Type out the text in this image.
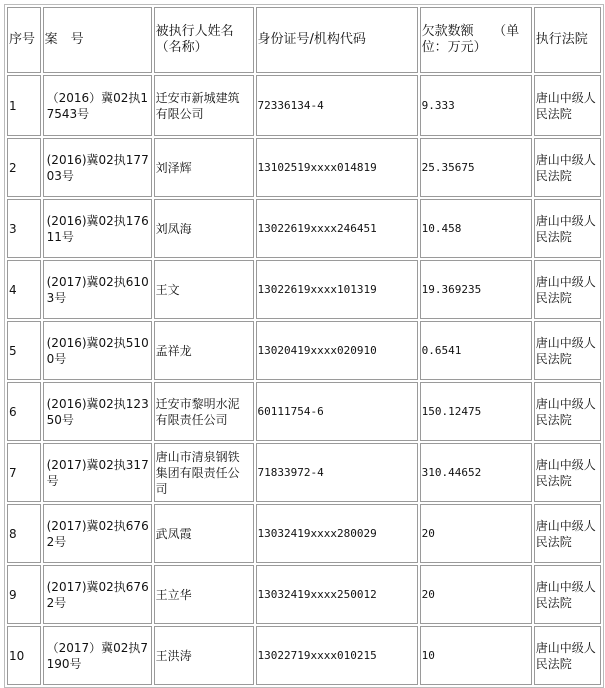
序号	案　号	被执行人姓名（名称）	身份证号/机构代码	欠款数额　　（单位：万元）	执行法院
1	（2016）冀02执17543号	迁安市新城建筑有限公司	72336134-4	9.333	唐山中级人民法院
2	(2016)冀02执17703号	刘泽辉	13102519xxxx014819	25.35675	唐山中级人民法院
3	(2016)冀02执17611号	刘凤海	13022619xxxx246451	10.458	唐山中级人民法院
4	(2017)冀02执6103号	王文	13022619xxxx101319	19.369235	唐山中级人民法院
5	(2016)冀02执5100号	孟祥龙	13020419xxxx020910	0.6541	唐山中级人民法院
6	(2016)冀02执12350号	迁安市黎明水泥有限责任公司	60111754-6	150.12475	唐山中级人民法院
7	(2017)冀02执317号	唐山市清泉钢铁集团有限责任公司	71833972-4	310.44652	唐山中级人民法院
8	(2017)冀02执6762号	武凤霞	13032419xxxx280029	20	唐山中级人民法院
9	(2017)冀02执6762号	王立华	13032419xxxx250012	20	唐山中级人民法院
10	（2017）冀02执7190号	王洪涛	13022719xxxx010215	10	唐山中级人民法院
